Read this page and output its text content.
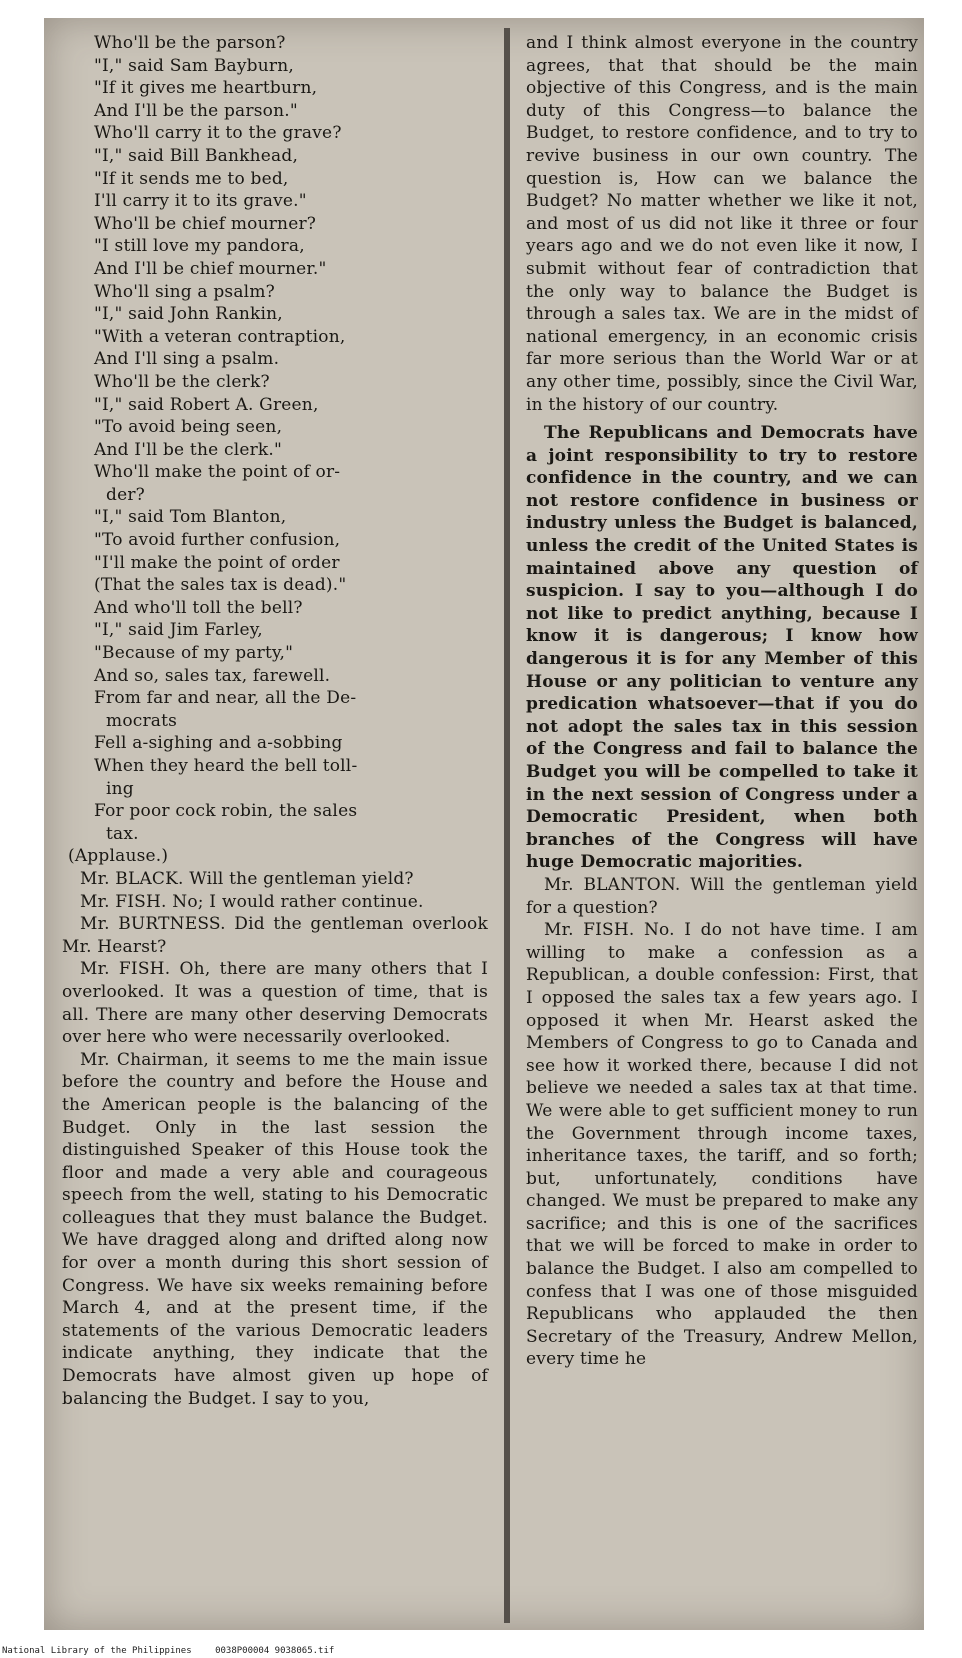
Who'll be the parson?

"I," said Sam Bayburn,

"If it gives me heartburn,

And I'll be the parson."

Who'll carry it to the grave?

"I," said Bill Bankhead,

"If it sends me to bed,

I'll carry it to its grave."

Who'll be chief mourner?

"I still love my pandora,

And I'll be chief mourner."

Who'll sing a psalm?

"I," said John Rankin,

"With a veteran contraption,

And I'll sing a psalm.

Who'll be the clerk?

"I," said Robert A. Green,

"To avoid being seen,

And I'll be the clerk."

Who'll make the point of or-

der?

"I," said Tom Blanton,

"To avoid further confusion,

"I'll make the point of order

(That the sales tax is dead)."

And who'll toll the bell?

"I," said Jim Farley,

"Because of my party,"

And so, sales tax, farewell.

From far and near, all the De-

mocrats

Fell a-sighing and a-sobbing

When they heard the bell toll-

ing

For poor cock robin, the sales

tax.

(Applause.)

Mr. BLACK. Will the gentleman yield?

Mr. FISH. No; I would rather continue.

Mr. BURTNESS. Did the gentleman overlook Mr. Hearst?

Mr. FISH. Oh, there are many others that I overlooked. It was a question of time, that is all. There are many other deserving Democrats over here who were necessarily overlooked.

Mr. Chairman, it seems to me the main issue before the country and before the House and the American people is the balancing of the Budget. Only in the last session the distinguished Speaker of this House took the floor and made a very able and courageous speech from the well, stating to his Democratic colleagues that they must balance the Budget. We have dragged along and drifted along now for over a month during this short session of Congress. We have six weeks remaining before March 4, and at the present time, if the statements of the various Democratic leaders indicate anything, they indicate that the Democrats have almost given up hope of balancing the Budget. I say to you,

and I think almost everyone in the country agrees, that that should be the main objective of this Congress, and is the main duty of this Congress—to balance the Budget, to restore confidence, and to try to revive business in our own country. The question is, How can we balance the Budget? No matter whether we like it not, and most of us did not like it three or four years ago and we do not even like it now, I submit without fear of contradiction that the only way to balance the Budget is through a sales tax. We are in the midst of national emergency, in an economic crisis far more serious than the World War or at any other time, possibly, since the Civil War, in the history of our country.

The Republicans and Democrats have a joint responsibility to try to restore confidence in the country, and we can not restore confidence in business or industry unless the Budget is balanced, unless the credit of the United States is maintained above any question of suspicion. I say to you—although I do not like to predict anything, because I know it is dangerous; I know how dangerous it is for any Member of this House or any politician to venture any predication whatsoever—that if you do not adopt the sales tax in this session of the Congress and fail to balance the Budget you will be compelled to take it in the next session of Congress under a Democratic President, when both branches of the Congress will have huge Democratic majorities.

Mr. BLANTON. Will the gentleman yield for a question?

Mr. FISH. No. I do not have time. I am willing to make a confession as a Republican, a double confession: First, that I opposed the sales tax a few years ago. I opposed it when Mr. Hearst asked the Members of Congress to go to Canada and see how it worked there, because I did not believe we needed a sales tax at that time. We were able to get sufficient money to run the Government through income taxes, inheritance taxes, the tariff, and so forth; but, unfortunately, conditions have changed. We must be prepared to make any sacrifice; and this is one of the sacrifices that we will be forced to make in order to balance the Budget. I also am compelled to confess that I was one of those misguided Republicans who applauded the then Secretary of the Treasury, Andrew Mellon, every time he

National Library of the Philippines	0038P00004 9038065.tif
